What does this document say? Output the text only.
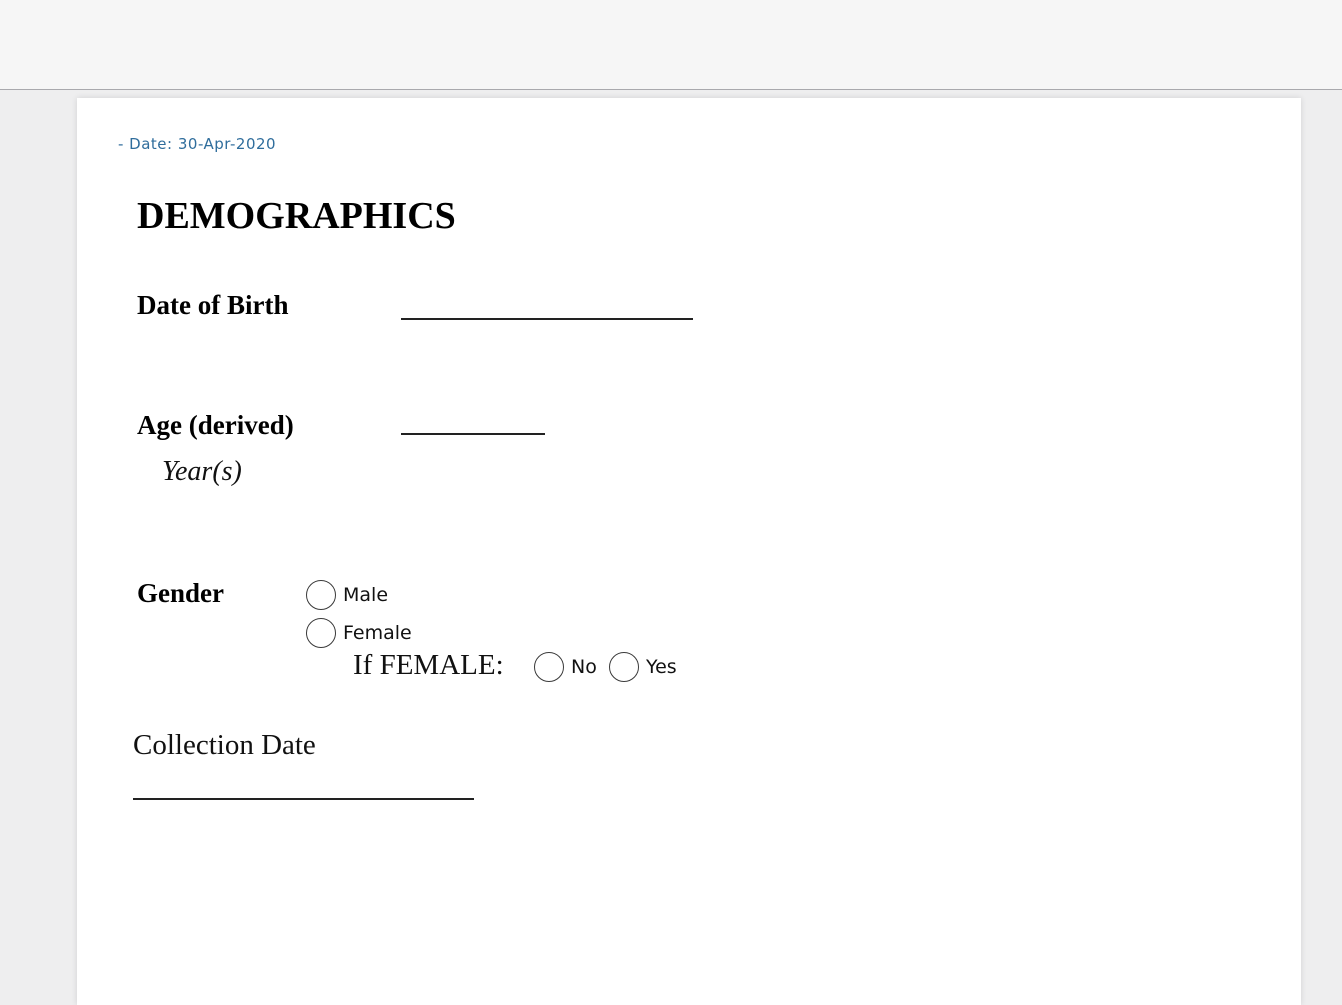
- Date: 30-Apr-2020
DEMOGRAPHICS
Date of Birth
Age (derived)
Year(s)
Gender	Male
Female
If FEMALE:	No	Yes
Collection Date
